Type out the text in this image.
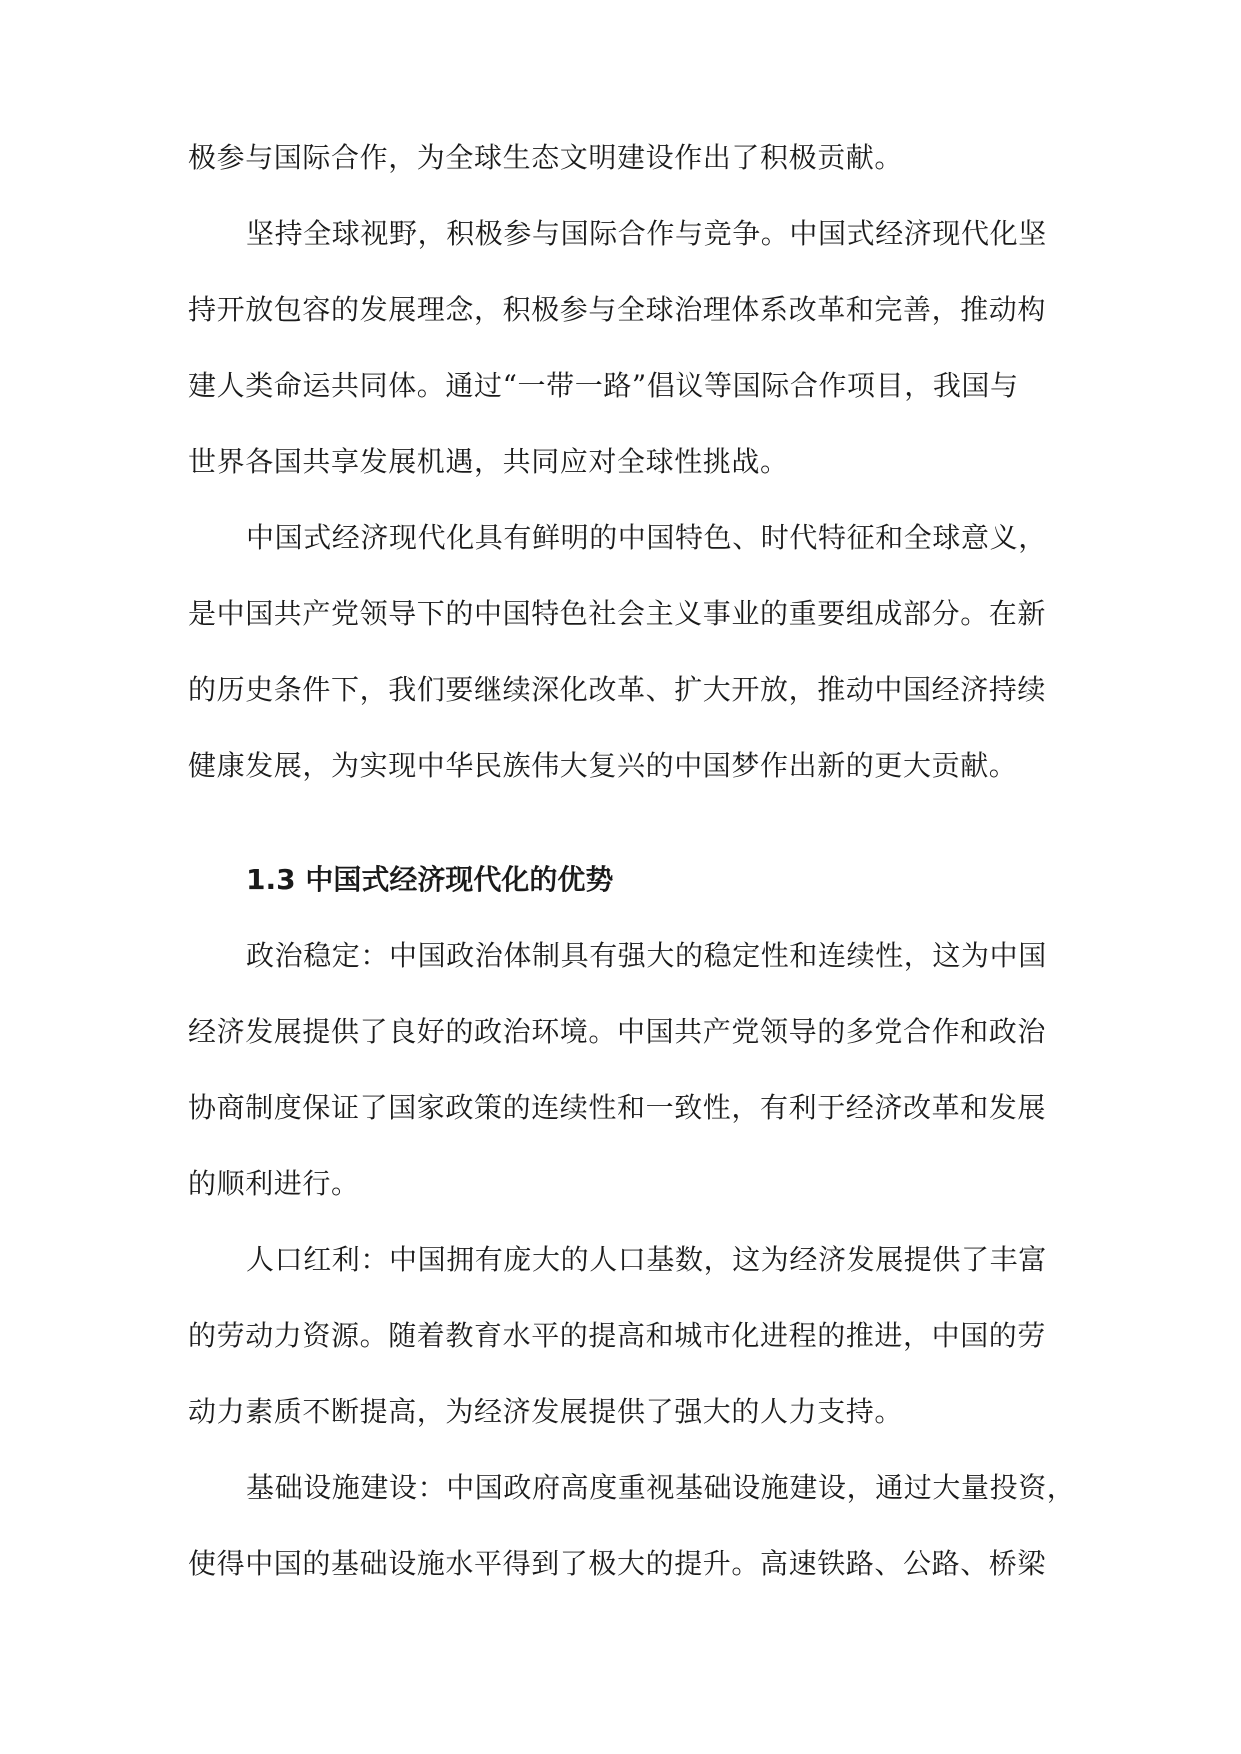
极参与国际合作，为全球生态文明建设作出了积极贡献。
坚持全球视野，积极参与国际合作与竞争。中国式经济现代化坚
持开放包容的发展理念，积极参与全球治理体系改革和完善，推动构
建人类命运共同体。通过“一带一路”倡议等国际合作项目，我国与
世界各国共享发展机遇，共同应对全球性挑战。
中国式经济现代化具有鲜明的中国特色、时代特征和全球意义，
是中国共产党领导下的中国特色社会主义事业的重要组成部分。在新
的历史条件下，我们要继续深化改革、扩大开放，推动中国经济持续
健康发展，为实现中华民族伟大复兴的中国梦作出新的更大贡献。
1.3 中国式经济现代化的优势
政治稳定：中国政治体制具有强大的稳定性和连续性，这为中国
经济发展提供了良好的政治环境。中国共产党领导的多党合作和政治
协商制度保证了国家政策的连续性和一致性，有利于经济改革和发展
的顺利进行。
人口红利：中国拥有庞大的人口基数，这为经济发展提供了丰富
的劳动力资源。随着教育水平的提高和城市化进程的推进，中国的劳
动力素质不断提高，为经济发展提供了强大的人力支持。
基础设施建设：中国政府高度重视基础设施建设，通过大量投资，
使得中国的基础设施水平得到了极大的提升。高速铁路、公路、桥梁
